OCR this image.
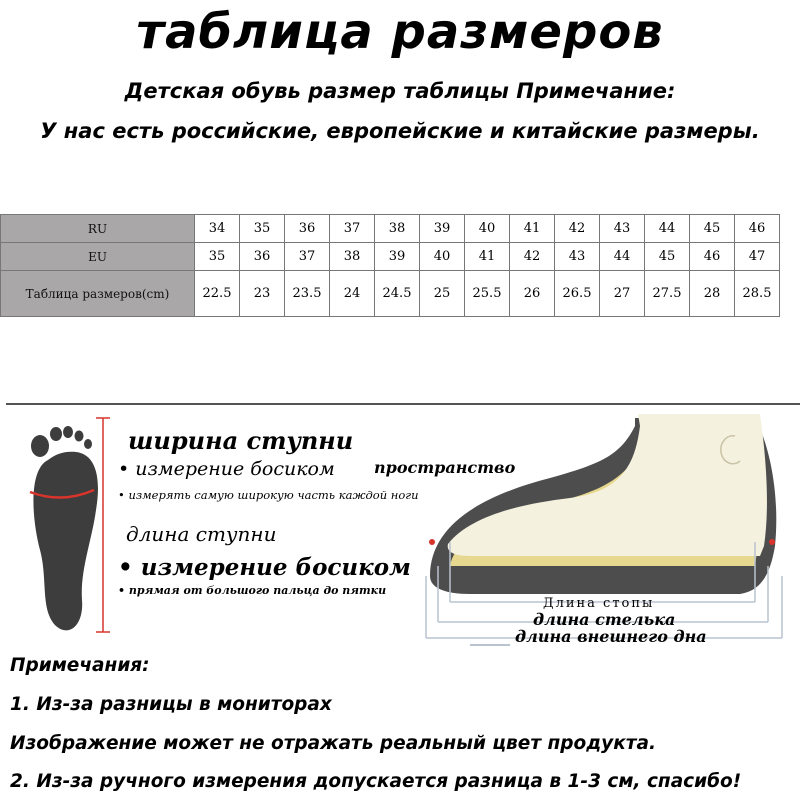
таблица размеров
Детская обувь размер таблицы Примечание:
У нас есть российские, европейские и китайские размеры.
RU	34	35	36	37	38	39	40	41	42	43	44	45	46
EU	35	36	37	38	39	40	41	42	43	44	45	46	47
Таблица размеров(cm)	22.5	23	23.5	24	24.5	25	25.5	26	26.5	27	27.5	28	28.5
ширина ступни
• измерение босиком
• измерять самую широкую часть каждой ноги
пространство
длина ступни
• измерение босиком
• прямая от большого пальца до пятки
Длина стопы
длина стелька
длина внешнего дна
Примечания:
1. Из-за разницы в мониторах
Изображение может не отражать реальный цвет продукта.
2. Из-за ручного измерения допускается разница в 1-3 см, спасибо!
